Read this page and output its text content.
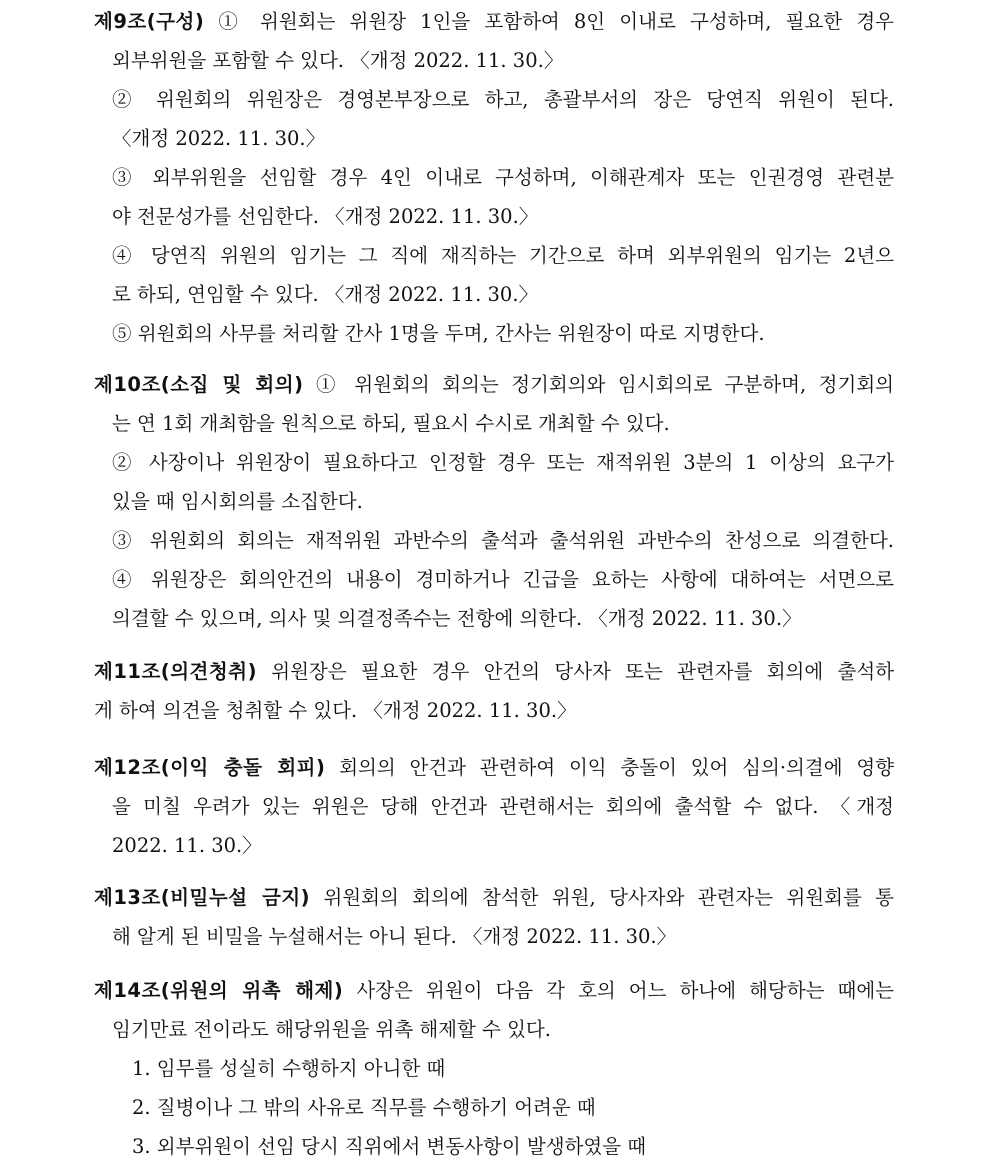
제9조(구성) ① 위원회는 위원장 1인을 포함하여 8인 이내로 구성하며, 필요한 경우
외부위원을 포함할 수 있다. 〈개정 2022. 11. 30.〉
② 위원회의 위원장은 경영본부장으로 하고, 총괄부서의 장은 당연직 위원이 된다.
〈개정 2022. 11. 30.〉
③ 외부위원을 선임할 경우 4인 이내로 구성하며, 이해관계자 또는 인권경영 관련분
야 전문성가를 선임한다. 〈개정 2022. 11. 30.〉
④ 당연직 위원의 임기는 그 직에 재직하는 기간으로 하며 외부위원의 임기는 2년으
로 하되, 연임할 수 있다. 〈개정 2022. 11. 30.〉
⑤ 위원회의 사무를 처리할 간사 1명을 두며, 간사는 위원장이 따로 지명한다.
제10조(소집 및 회의) ① 위원회의 회의는 정기회의와 임시회의로 구분하며, 정기회의
는 연 1회 개최함을 원칙으로 하되, 필요시 수시로 개최할 수 있다.
② 사장이나 위원장이 필요하다고 인정할 경우 또는 재적위원 3분의 1 이상의 요구가
있을 때 임시회의를 소집한다.
③ 위원회의 회의는 재적위원 과반수의 출석과 출석위원 과반수의 찬성으로 의결한다.
④ 위원장은 회의안건의 내용이 경미하거나 긴급을 요하는 사항에 대하여는 서면으로
의결할 수 있으며, 의사 및 의결정족수는 전항에 의한다. 〈개정 2022. 11. 30.〉
제11조(의견청취) 위원장은 필요한 경우 안건의 당사자 또는 관련자를 회의에 출석하
게 하여 의견을 청취할 수 있다. 〈개정 2022. 11. 30.〉
제12조(이익 충돌 회피) 회의의 안건과 관련하여 이익 충돌이 있어 심의·의결에 영향
을 미칠 우려가 있는 위원은 당해 안건과 관련해서는 회의에 출석할 수 없다. 〈개정
2022. 11. 30.〉
제13조(비밀누설 금지) 위원회의 회의에 참석한 위원, 당사자와 관련자는 위원회를 통
해 알게 된 비밀을 누설해서는 아니 된다. 〈개정 2022. 11. 30.〉
제14조(위원의 위촉 해제) 사장은 위원이 다음 각 호의 어느 하나에 해당하는 때에는
임기만료 전이라도 해당위원을 위촉 해제할 수 있다.
1. 임무를 성실히 수행하지 아니한 때
2. 질병이나 그 밖의 사유로 직무를 수행하기 어려운 때
3. 외부위원이 선임 당시 직위에서 변동사항이 발생하였을 때
